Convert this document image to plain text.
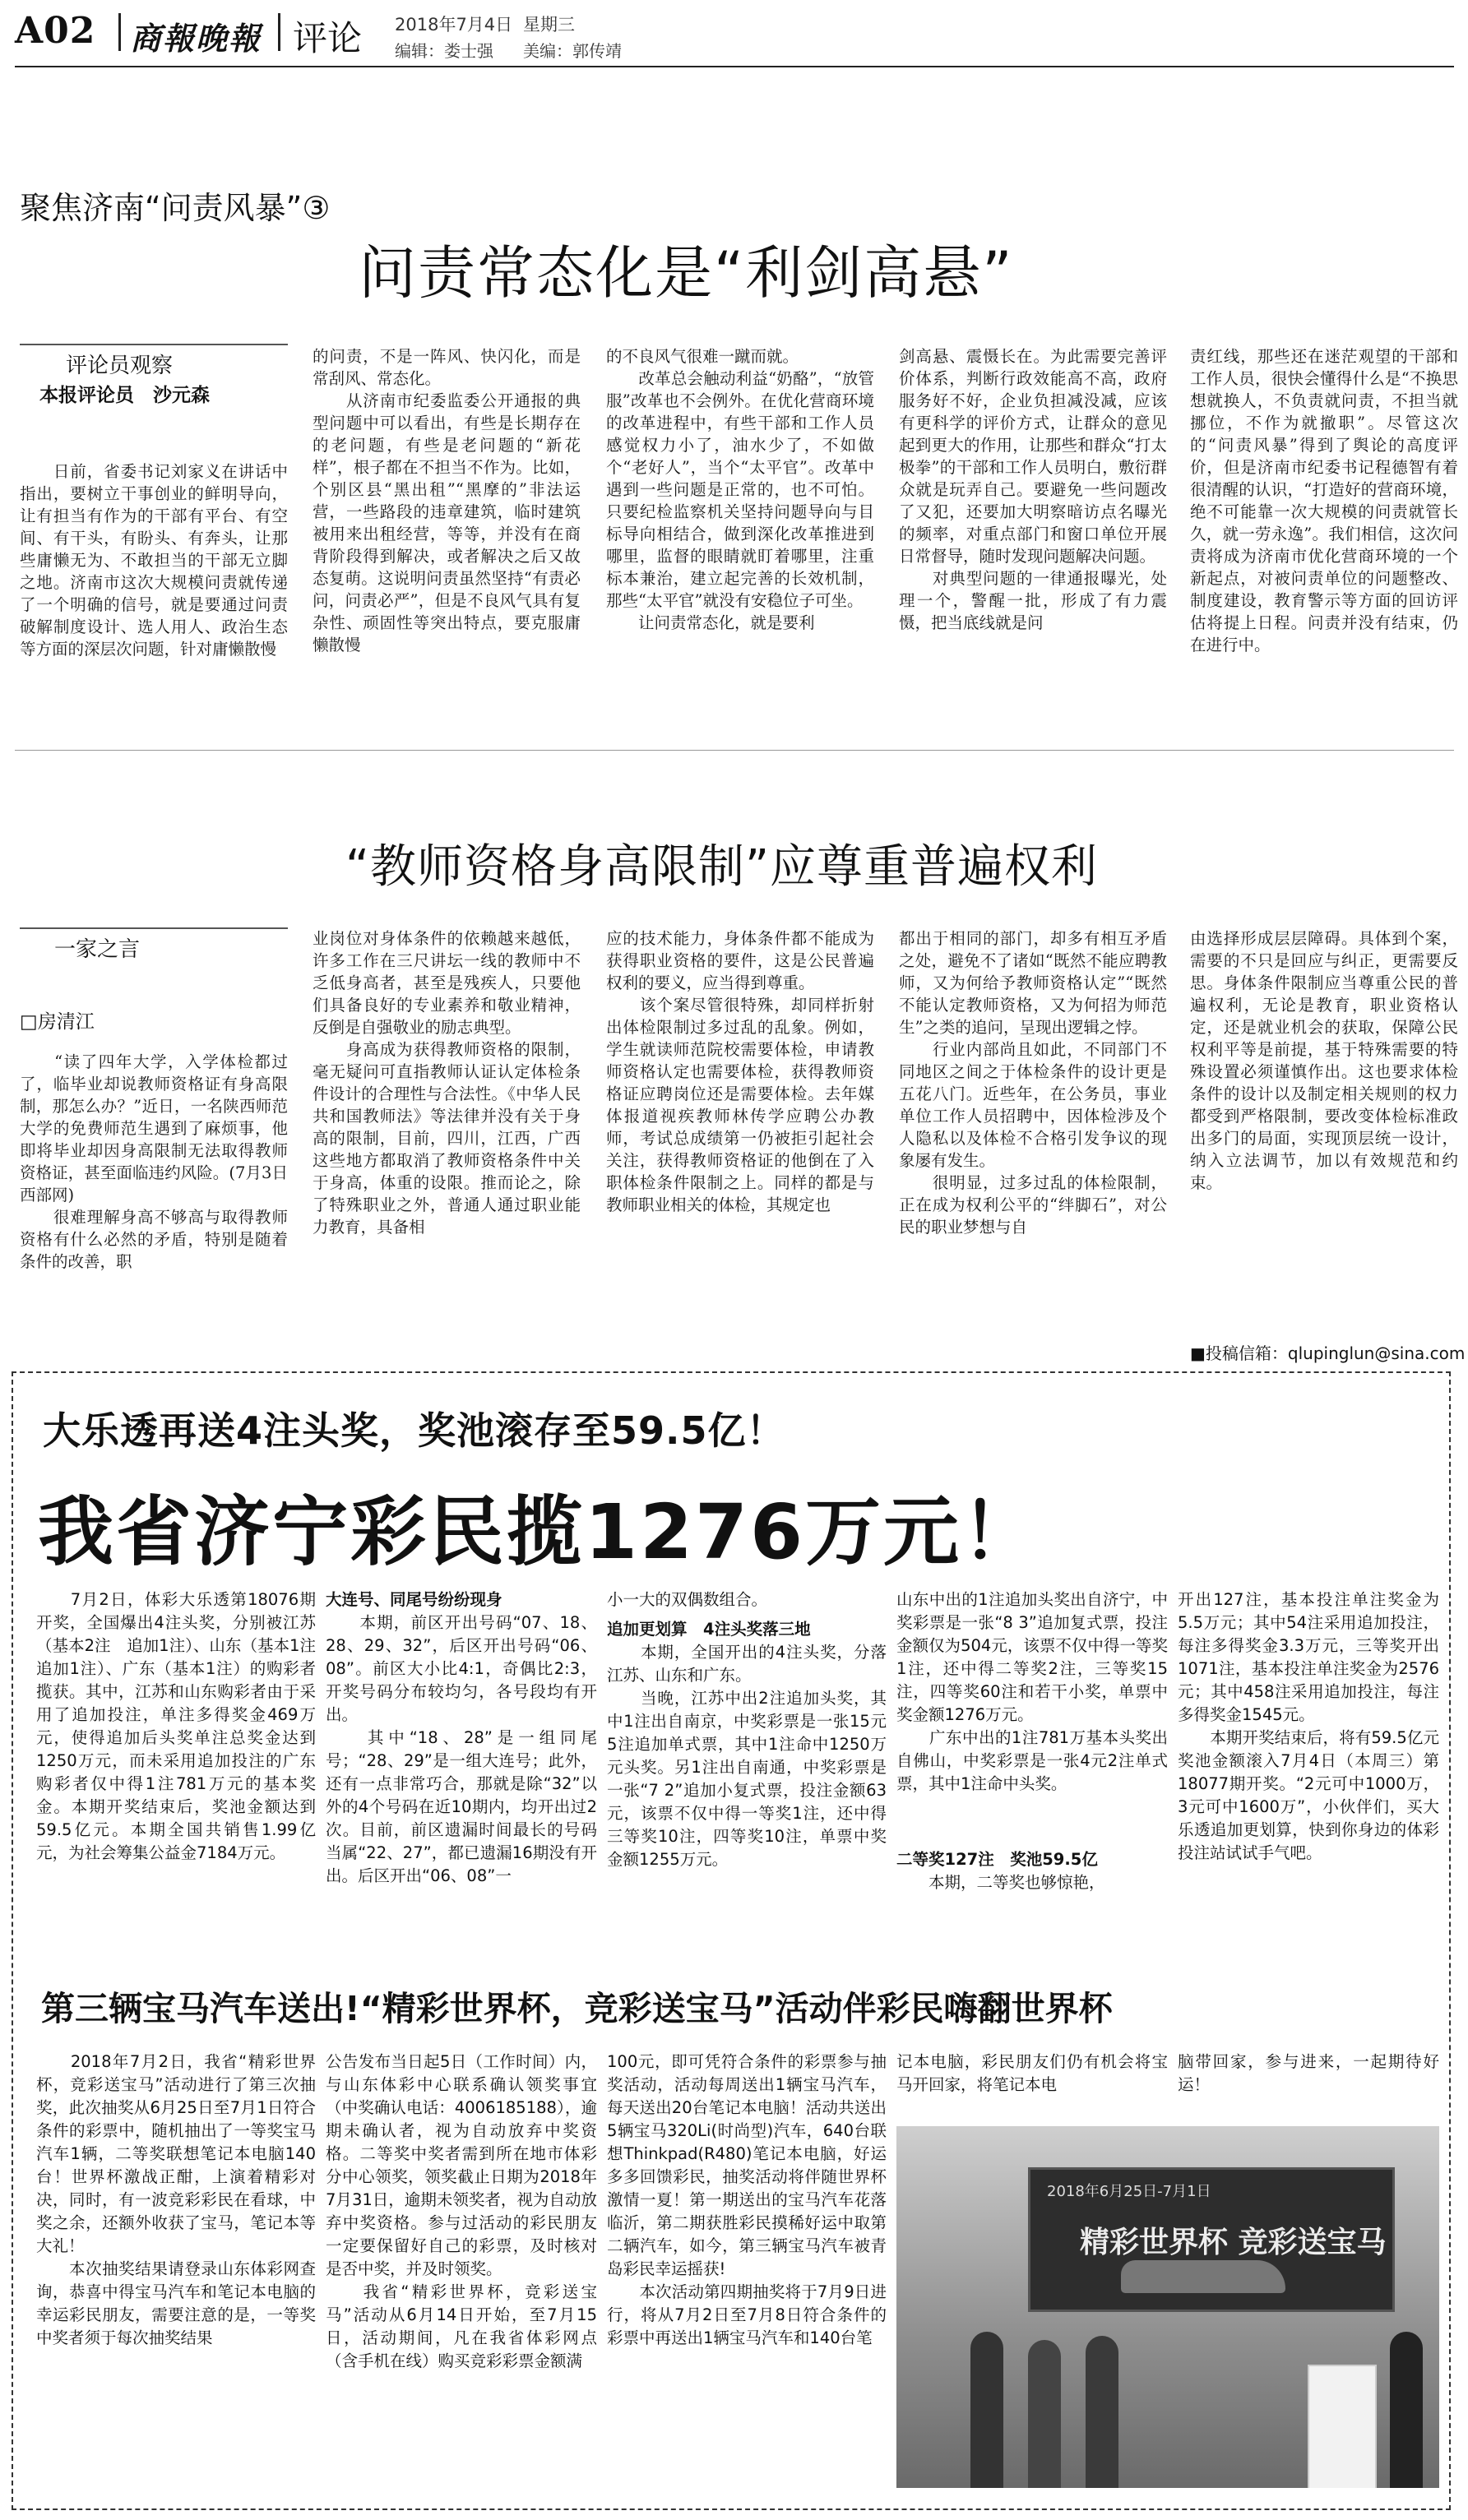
A02 商報晚報 评论 2018年7月4日 星期三
编辑：娄士强 美编：郭传靖
聚焦济南“问责风暴”③
问责常态化是“利剑高悬”
评论员观察
本报评论员　沙元森
　　日前，省委书记刘家义在讲话中指出，要树立干事创业的鲜明导向，让有担当有作为的干部有平台、有空间、有干头，有盼头、有奔头，让那些庸懒无为、不敢担当的干部无立脚之地。济南市这次大规模问责就传递了一个明确的信号，就是要通过问责破解制度设计、选人用人、政治生态等方面的深层次问题，针对庸懒散慢
的问责，不是一阵风、快闪化，而是常刮风、常态化。
　　从济南市纪委监委公开通报的典型问题中可以看出，有些是长期存在的老问题，有些是老问题的“新花样”，根子都在不担当不作为。比如，个别区县“黑出租”“黑摩的”非法运营，一些路段的违章建筑，临时建筑被用来出租经营，等等，并没有在商背阶段得到解决，或者解决之后又故态复萌。这说明问责虽然坚持“有责必问，问责必严”，但是不良风气具有复杂性、顽固性等突出特点，要克服庸懒散慢
的不良风气很难一蹴而就。
　　改革总会触动利益“奶酪”，“放管服”改革也不会例外。在优化营商环境的改革进程中，有些干部和工作人员感觉权力小了，油水少了，不如做个“老好人”，当个“太平官”。改革中遇到一些问题是正常的，也不可怕。只要纪检监察机关坚持问题导向与目标导向相结合，做到深化改革推进到哪里，监督的眼睛就盯着哪里，注重标本兼治，建立起完善的长效机制，那些“太平官”就没有安稳位子可坐。
　　让问责常态化，就是要利
剑高悬、震慑长在。为此需要完善评价体系，判断行政效能高不高，政府服务好不好，企业负担减没减，应该有更科学的评价方式，让群众的意见起到更大的作用，让那些和群众“打太极拳”的干部和工作人员明白，敷衍群众就是玩弄自己。要避免一些问题改了又犯，还要加大明察暗访点名曝光的频率，对重点部门和窗口单位开展日常督导，随时发现问题解决问题。
　　对典型问题的一律通报曝光，处理一个，警醒一批，形成了有力震慑，把当底线就是问
责红线，那些还在迷茫观望的干部和工作人员，很快会懂得什么是“不换思想就换人，不负责就问责，不担当就挪位，不作为就撤职”。尽管这次的“问责风暴”得到了舆论的高度评价，但是济南市纪委书记程德智有着很清醒的认识，“打造好的营商环境，绝不可能靠一次大规模的问责就管长久，就一劳永逸”。我们相信，这次问责将成为济南市优化营商环境的一个新起点，对被问责单位的问题整改、制度建设，教育警示等方面的回访评估将提上日程。问责并没有结束，仍在进行中。
“教师资格身高限制”应尊重普遍权利
一家之言
□房清江
　　“读了四年大学，入学体检都过了，临毕业却说教师资格证有身高限制，那怎么办？”近日，一名陕西师范大学的免费师范生遇到了麻烦事，他即将毕业却因身高限制无法取得教师资格证，甚至面临违约风险。(7月3日西部网)
　　很难理解身高不够高与取得教师资格有什么必然的矛盾，特别是随着条件的改善，职
业岗位对身体条件的依赖越来越低，许多工作在三尺讲坛一线的教师中不乏低身高者，甚至是残疾人，只要他们具备良好的专业素养和敬业精神，反倒是自强敬业的励志典型。
　　身高成为获得教师资格的限制，毫无疑问可直指教师认证认定体检条件设计的合理性与合法性。《中华人民共和国教师法》等法律并没有关于身高的限制，目前，四川，江西，广西这些地方都取消了教师资格条件中关于身高，体重的设限。推而论之，除了特殊职业之外，普通人通过职业能力教育，具备相
应的技术能力，身体条件都不能成为获得职业资格的要件，这是公民普遍权利的要义，应当得到尊重。
　　该个案尽管很特殊，却同样折射出体检限制过多过乱的乱象。例如，学生就读师范院校需要体检，申请教师资格认定也需要体检，获得教师资格证应聘岗位还是需要体检。去年媒体报道视疾教师林传学应聘公办教师，考试总成绩第一仍被拒引起社会关注，获得教师资格证的他倒在了入职体检条件限制之上。同样的都是与教师职业相关的体检，其规定也
都出于相同的部门，却多有相互矛盾之处，避免不了诸如“既然不能应聘教师，又为何给予教师资格认定”“既然不能认定教师资格，又为何招为师范生”之类的追问，呈现出逻辑之悖。
　　行业内部尚且如此，不同部门不同地区之间之于体检条件的设计更是五花八门。近些年，在公务员，事业单位工作人员招聘中，因体检涉及个人隐私以及体检不合格引发争议的现象屡有发生。
　　很明显，过多过乱的体检限制，正在成为权利公平的“绊脚石”，对公民的职业梦想与自
由选择形成层层障碍。具体到个案，需要的不只是回应与纠正，更需要反思。身体条件限制应当尊重公民的普遍权利，无论是教育，职业资格认定，还是就业机会的获取，保障公民权利平等是前提，基于特殊需要的特殊设置必须谨慎作出。这也要求体检条件的设计以及制定相关规则的权力都受到严格限制，要改变体检标准政出多门的局面，实现顶层统一设计，纳入立法调节，加以有效规范和约束。
■投稿信箱：qlupinglun@sina.com
大乐透再送4注头奖，奖池滚存至59.5亿！
我省济宁彩民揽1276万元！
　　7月2日，体彩大乐透第18076期开奖，全国爆出4注头奖，分别被江苏（基本2注　追加1注）、山东（基本1注　追加1注）、广东（基本1注）的购彩者揽获。其中，江苏和山东购彩者由于采用了追加投注，单注多得奖金469万元，使得追加后头奖单注总奖金达到1250万元，而未采用追加投注的广东购彩者仅中得1注781万元的基本奖金。本期开奖结束后，奖池金额达到59.5亿元。本期全国共销售1.99亿元，为社会筹集公益金7184万元。
大连号、同尾号纷纷现身
　　本期，前区开出号码“07、18、28、29、32”，后区开出号码“06、08”。前区大小比4:1，奇偶比2:3，开奖号码分布较均匀，各号段均有开出。
　　其中“18、28”是一组同尾号；“28、29”是一组大连号；此外，还有一点非常巧合，那就是除“32”以外的4个号码在近10期内，均开出过2次。目前，前区遗漏时间最长的号码当属“22、27”，都已遗漏16期没有开出。后区开出“06、08”一
小一大的双偶数组合。
追加更划算　4注头奖落三地
　　本期，全国开出的4注头奖，分落江苏、山东和广东。
　　当晚，江苏中出2注追加头奖，其中1注出自南京，中奖彩票是一张15元5注追加单式票，其中1注命中1250万元头奖。另1注出自南通，中奖彩票是一张“7 2”追加小复式票，投注金额63元，该票不仅中得一等奖1注，还中得三等奖10注，四等奖10注，单票中奖金额1255万元。
山东中出的1注追加头奖出自济宁，中奖彩票是一张“8 3”追加复式票，投注金额仅为504元，该票不仅中得一等奖1注，还中得二等奖2注，三等奖15注，四等奖60注和若干小奖，单票中奖金额1276万元。
　　广东中出的1注781万基本头奖出自佛山，中奖彩票是一张4元2注单式票，其中1注命中头奖。
二等奖127注　奖池59.5亿
　　本期，二等奖也够惊艳，
开出127注，基本投注单注奖金为5.5万元；其中54注采用追加投注，每注多得奖金3.3万元，三等奖开出1071注，基本投注单注奖金为2576元；其中458注采用追加投注，每注多得奖金1545元。
　　本期开奖结束后，将有59.5亿元奖池金额滚入7月4日（本周三）第18077期开奖。“2元可中1000万，3元可中1600万”，小伙伴们，买大乐透追加更划算，快到你身边的体彩投注站试试手气吧。
第三辆宝马汽车送出!“精彩世界杯，竞彩送宝马”活动伴彩民嗨翻世界杯
　　2018年7月2日，我省“精彩世界杯，竞彩送宝马”活动进行了第三次抽奖，此次抽奖从6月25日至7月1日符合条件的彩票中，随机抽出了一等奖宝马汽车1辆，二等奖联想笔记本电脑140台！世界杯激战正酣，上演着精彩对决，同时，有一波竞彩彩民在看球，中奖之余，还额外收获了宝马，笔记本等大礼！
　　本次抽奖结果请登录山东体彩网查询，恭喜中得宝马汽车和笔记本电脑的幸运彩民朋友，需要注意的是，一等奖中奖者须于每次抽奖结果
公告发布当日起5日（工作时间）内，与山东体彩中心联系确认领奖事宜（中奖确认电话：4006185188），逾期未确认者，视为自动放弃中奖资格。二等奖中奖者需到所在地市体彩分中心领奖，领奖截止日期为2018年7月31日，逾期未领奖者，视为自动放弃中奖资格。参与过活动的彩民朋友一定要保留好自己的彩票，及时核对是否中奖，并及时领奖。
　　我省“精彩世界杯，竞彩送宝马”活动从6月14日开始，至7月15日，活动期间，凡在我省体彩网点（含手机在线）购买竞彩彩票金额满
100元，即可凭符合条件的彩票参与抽奖活动，活动每周送出1辆宝马汽车，每天送出20台笔记本电脑！活动共送出5辆宝马320Li(时尚型)汽车，640台联想Thinkpad(R480)笔记本电脑，好运多多回馈彩民，抽奖活动将伴随世界杯激情一夏！第一期送出的宝马汽车花落临沂，第二期获胜彩民摸稀好运中取第二辆汽车，如今，第三辆宝马汽车被青岛彩民幸运摇获!
　　本次活动第四期抽奖将于7月9日进行，将从7月2日至7月8日符合条件的彩票中再送出1辆宝马汽车和140台笔
记本电脑，彩民朋友们仍有机会将宝马开回家，将笔记本电
脑带回家，参与进来，一起期待好运！
2018年6月25日-7月1日
精彩世界杯 竞彩送宝马
